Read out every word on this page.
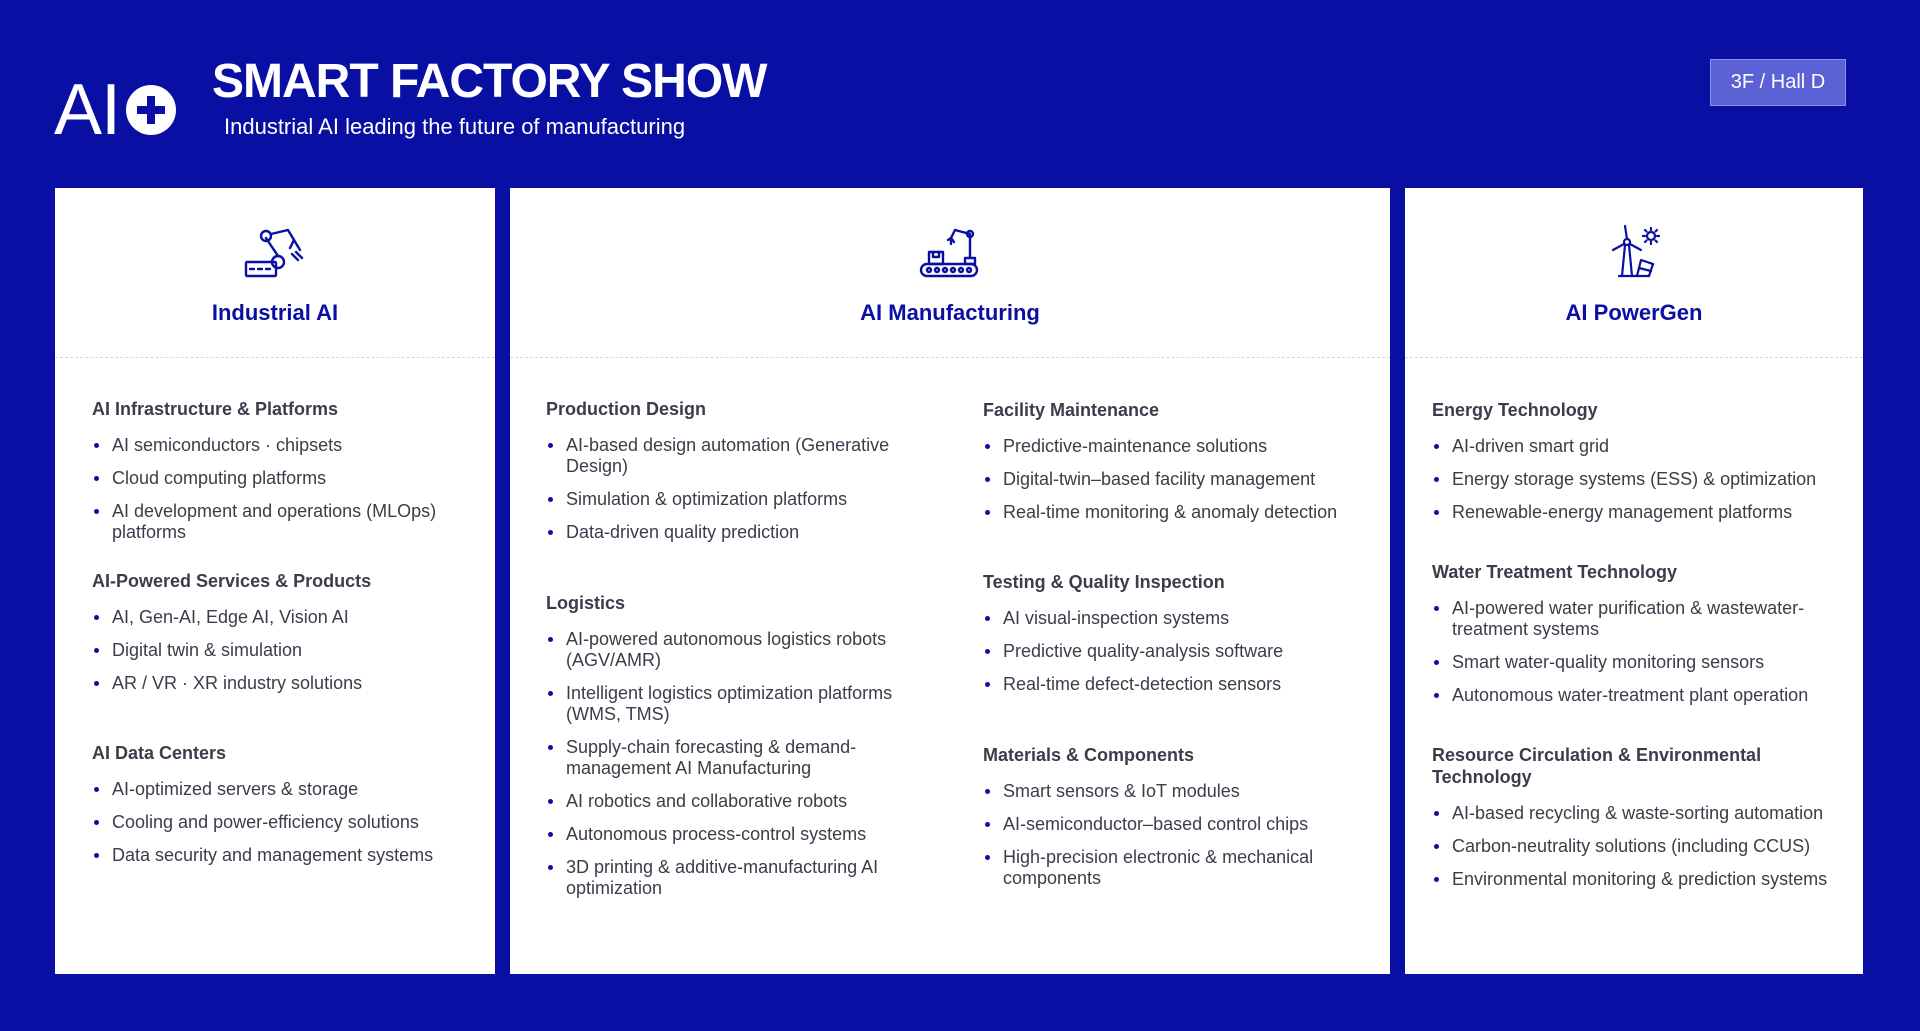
AI SMART FACTORY SHOW
Industrial AI leading the future of manufacturing
3F / Hall D
Industrial AI
AI Infrastructure & Platforms
AI semiconductors · chipsets
Cloud computing platforms
AI development and operations (MLOps) platforms
AI-Powered Services & Products
AI, Gen-AI, Edge AI, Vision AI
Digital twin & simulation
AR / VR · XR industry solutions
AI Data Centers
AI-optimized servers & storage
Cooling and power-efficiency solutions
Data security and management systems
AI Manufacturing
Production Design
AI-based design automation (Generative Design)
Simulation & optimization platforms
Data-driven quality prediction
Logistics
AI-powered autonomous logistics robots (AGV/AMR)
Intelligent logistics optimization platforms (WMS, TMS)
Supply-chain forecasting & demand-management AI Manufacturing
AI robotics and collaborative robots
Autonomous process-control systems
3D printing & additive-manufacturing AI optimization
Facility Maintenance
Predictive-maintenance solutions
Digital-twin–based facility management
Real-time monitoring & anomaly detection
Testing & Quality Inspection
AI visual-inspection systems
Predictive quality-analysis software
Real-time defect-detection sensors
Materials & Components
Smart sensors & IoT modules
AI-semiconductor–based control chips
High-precision electronic & mechanical components
AI PowerGen
Energy Technology
AI-driven smart grid
Energy storage systems (ESS) & optimization
Renewable-energy management platforms
Water Treatment Technology
AI-powered water purification & wastewater-treatment systems
Smart water-quality monitoring sensors
Autonomous water-treatment plant operation
Resource Circulation & Environmental Technology
AI-based recycling & waste-sorting automation
Carbon-neutrality solutions (including CCUS)
Environmental monitoring & prediction systems
